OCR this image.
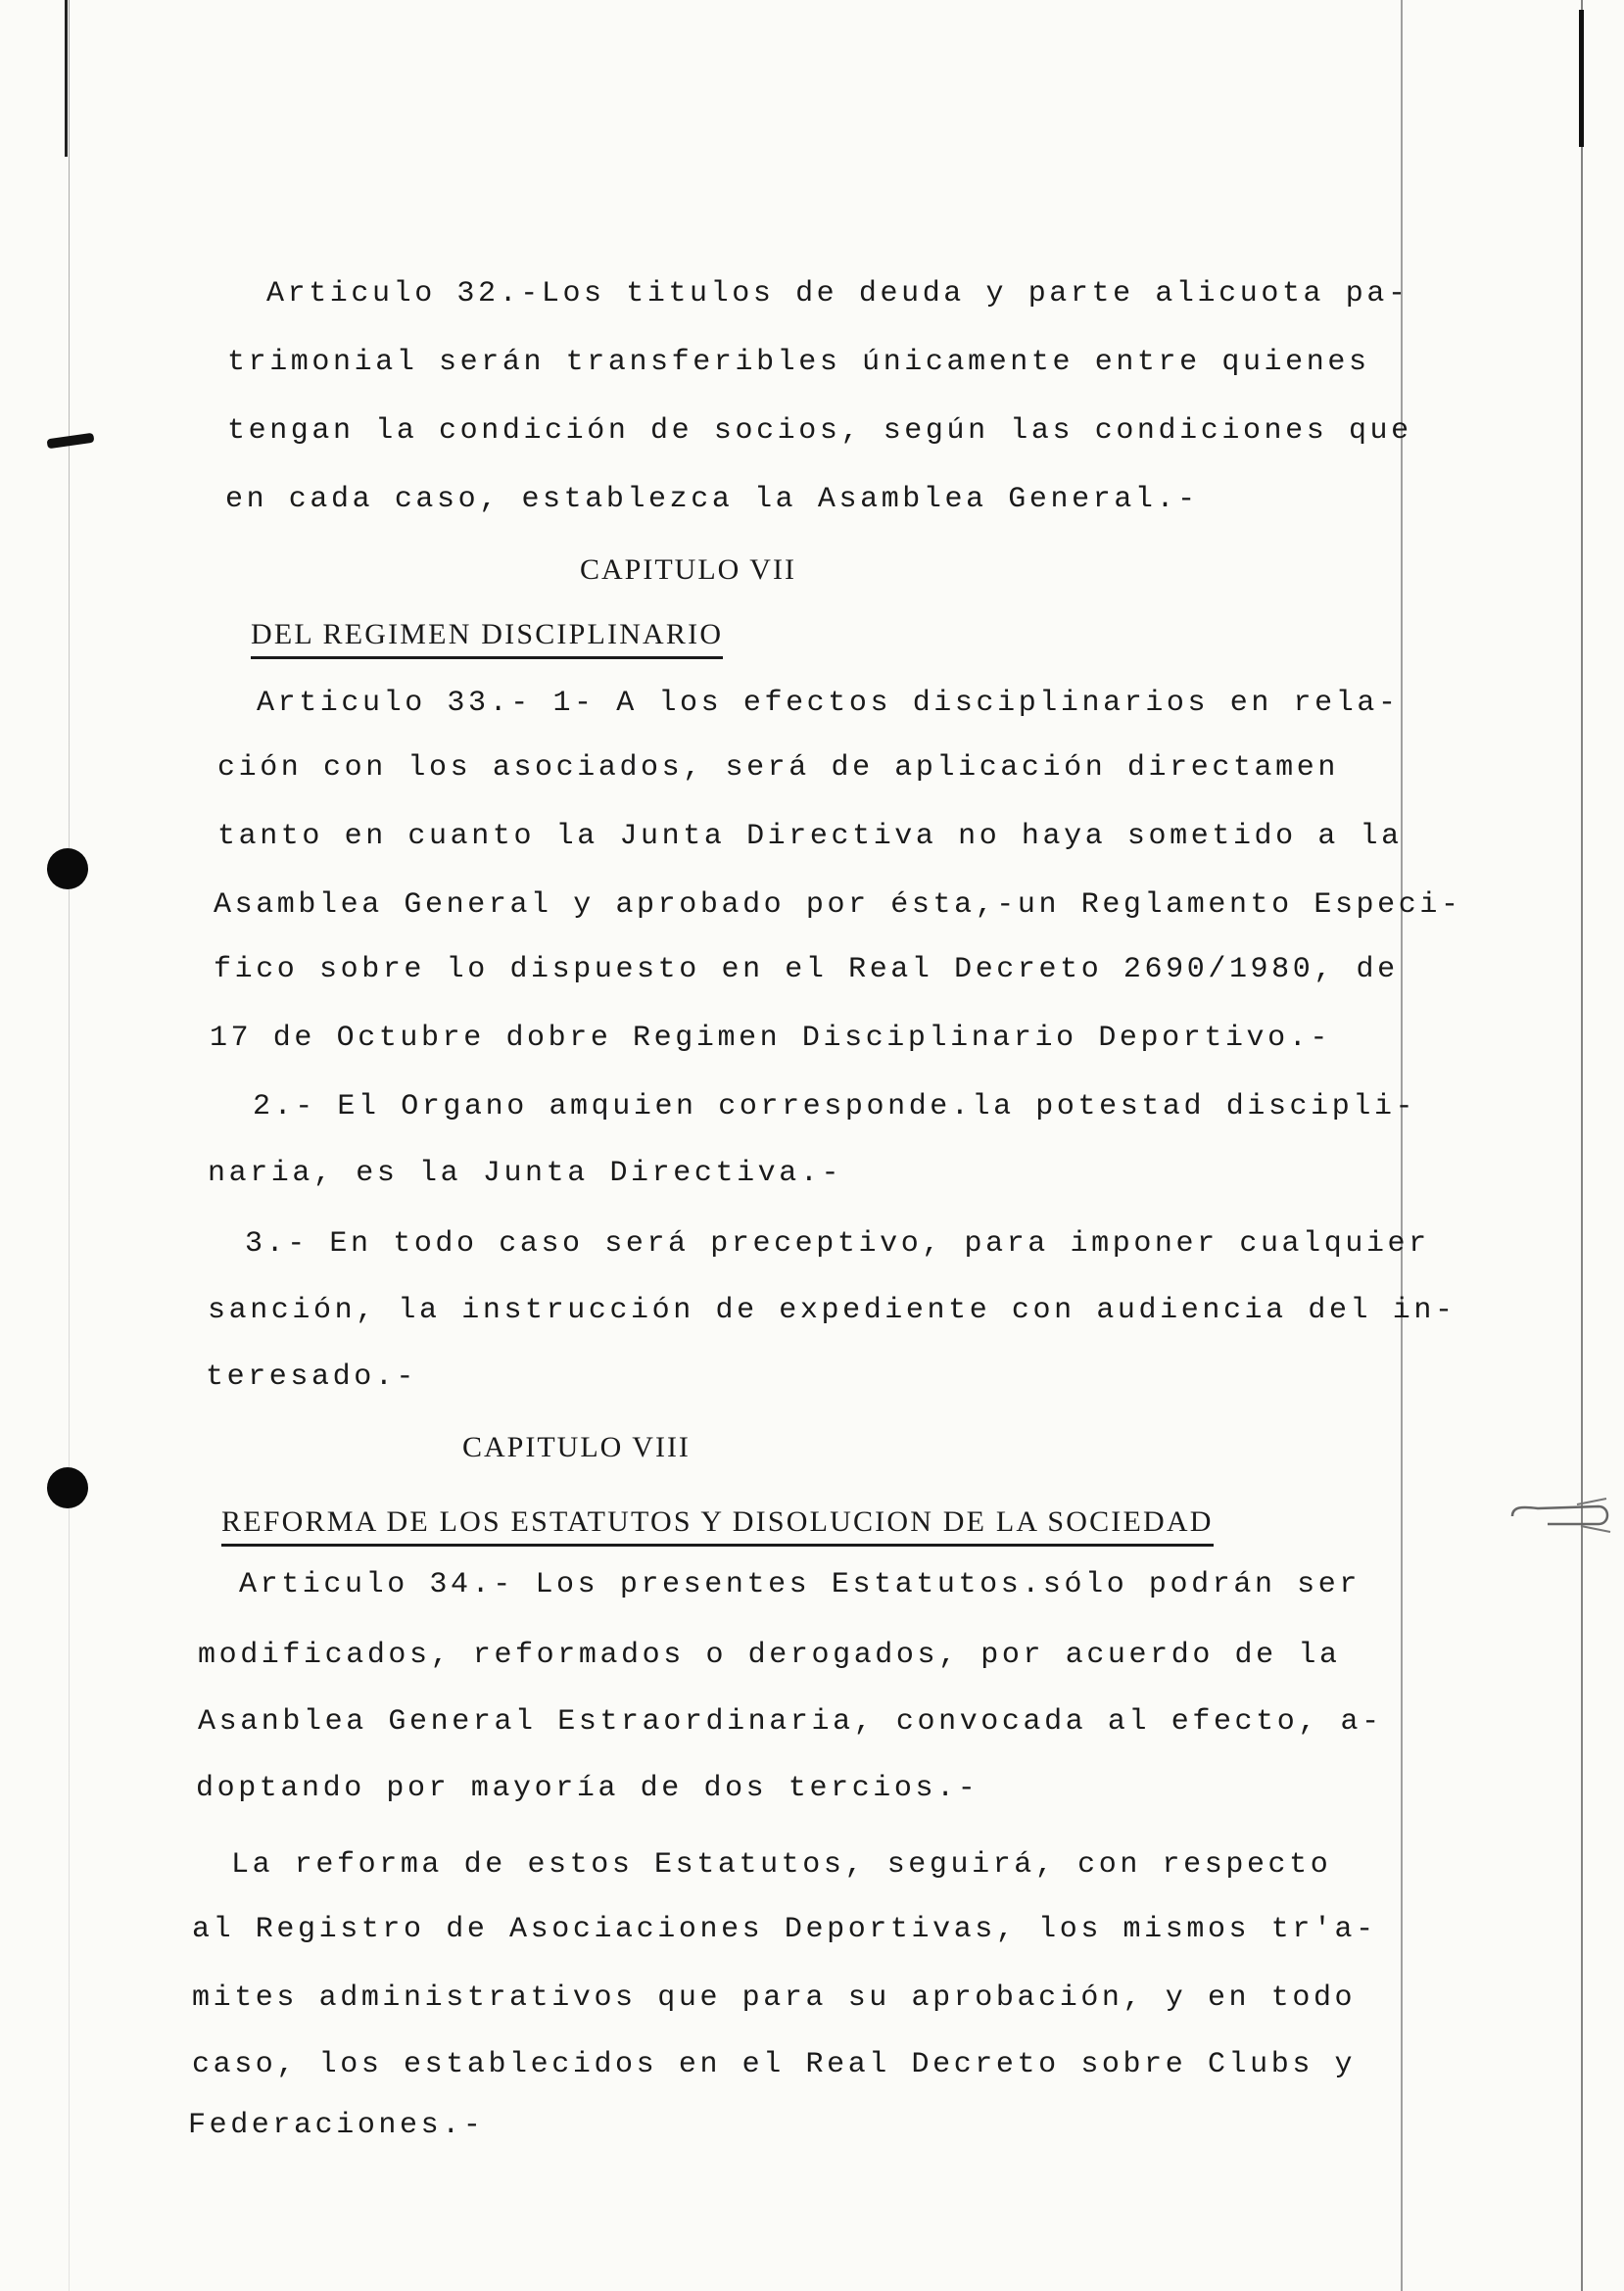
Articulo 32.-Los titulos de deuda y parte alicuota pa-

trimonial serán transferibles únicamente entre quienes

tengan la condición de socios, según las condiciones que

en cada caso, establezca la Asamblea General.-

CAPITULO VII
DEL REGIMEN DISCIPLINARIO

Articulo 33.- 1- A los efectos disciplinarios en rela-

ción con los asociados, será de aplicación directamen

tanto en cuanto la Junta Directiva no haya sometido a la

Asamblea General y aprobado por ésta,-un Reglamento Especi-

fico sobre lo dispuesto en el Real Decreto 2690/1980, de

17 de Octubre dobre Regimen Disciplinario Deportivo.-

2.- El Organo amquien corresponde.la potestad discipli-

naria, es la Junta Directiva.-

3.- En todo caso será preceptivo, para imponer cualquier

sanción, la instrucción de expediente con audiencia del in-

teresado.-

CAPITULO VIII
REFORMA DE LOS ESTATUTOS Y DISOLUCION DE LA SOCIEDAD

Articulo 34.- Los presentes Estatutos.sólo podrán ser

modificados, reformados o derogados, por acuerdo de la

Asanblea General Estraordinaria, convocada al efecto, a-

doptando por mayoría de dos tercios.-

La reforma de estos Estatutos, seguirá, con respecto

al Registro de Asociaciones Deportivas, los mismos tr'a-

mites administrativos que para su aprobación, y en todo

caso, los establecidos en el Real Decreto sobre Clubs y

Federaciones.-
